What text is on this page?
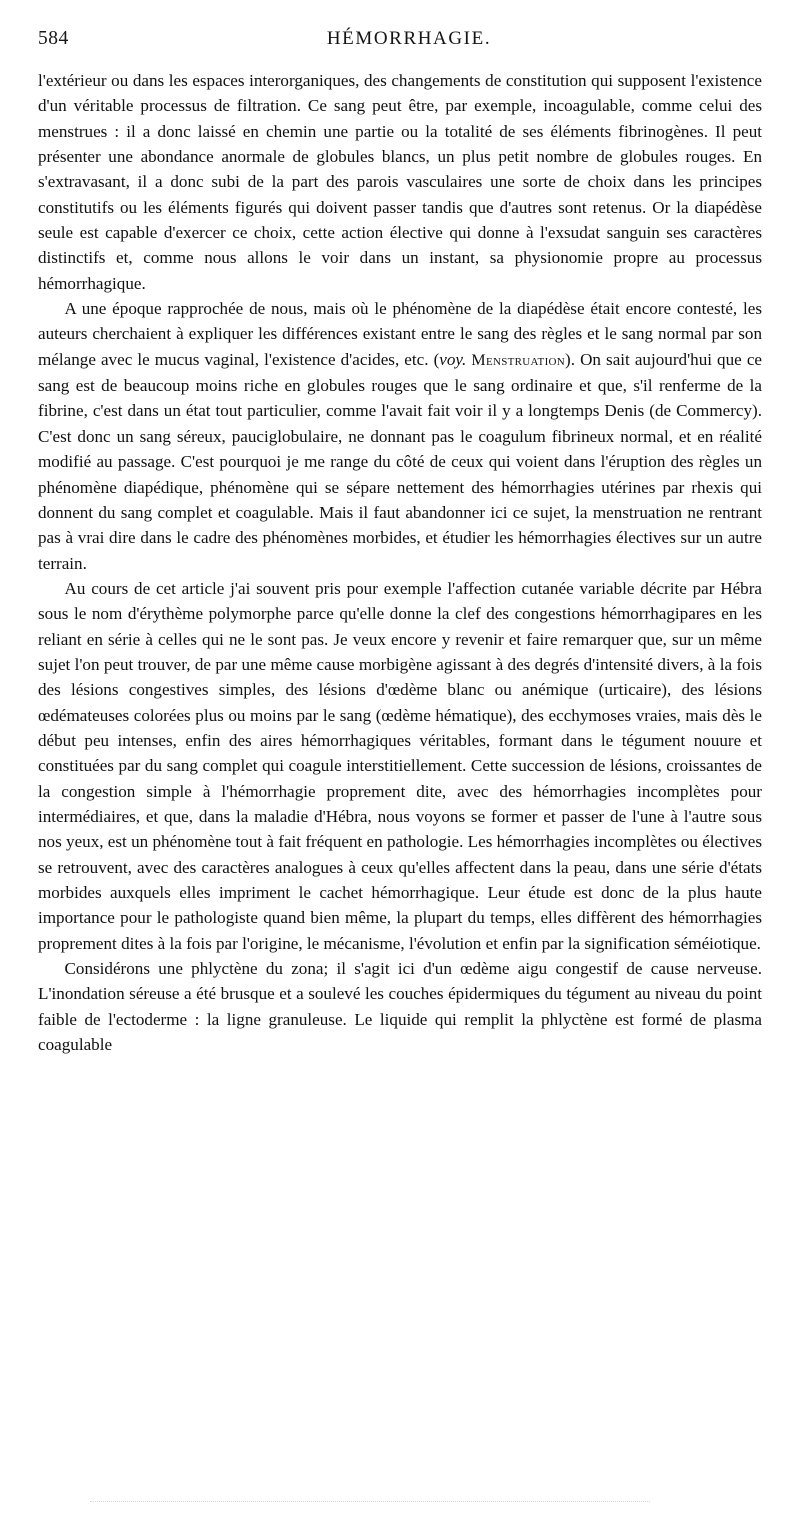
584	HÉMORRHAGIE.

l'extérieur ou dans les espaces interorganiques, des changements de constitution qui supposent l'existence d'un véritable processus de filtration. Ce sang peut être, par exemple, incoagulable, comme celui des menstrues : il a donc laissé en chemin une partie ou la totalité de ses éléments fibrinogènes. Il peut présenter une abondance anormale de globules blancs, un plus petit nombre de globules rouges. En s'extravasant, il a donc subi de la part des parois vasculaires une sorte de choix dans les principes constitutifs ou les éléments figurés qui doivent passer tandis que d'autres sont retenus. Or la diapédèse seule est capable d'exercer ce choix, cette action élective qui donne à l'exsudat sanguin ses caractères distinctifs et, comme nous allons le voir dans un instant, sa physionomie propre au processus hémorrhagique.

A une époque rapprochée de nous, mais où le phénomène de la diapédèse était encore contesté, les auteurs cherchaient à expliquer les différences existant entre le sang des règles et le sang normal par son mélange avec le mucus vaginal, l'existence d'acides, etc. (voy. Menstruation). On sait aujourd'hui que ce sang est de beaucoup moins riche en globules rouges que le sang ordinaire et que, s'il renferme de la fibrine, c'est dans un état tout particulier, comme l'avait fait voir il y a longtemps Denis (de Commercy). C'est donc un sang séreux, pauciglobulaire, ne donnant pas le coagulum fibrineux normal, et en réalité modifié au passage. C'est pourquoi je me range du côté de ceux qui voient dans l'éruption des règles un phénomène diapédique, phénomène qui se sépare nettement des hémorrhagies utérines par rhexis qui donnent du sang complet et coagulable. Mais il faut abandonner ici ce sujet, la menstruation ne rentrant pas à vrai dire dans le cadre des phénomènes morbides, et étudier les hémorrhagies électives sur un autre terrain.

Au cours de cet article j'ai souvent pris pour exemple l'affection cutanée variable décrite par Hébra sous le nom d'érythème polymorphe parce qu'elle donne la clef des congestions hémorrhagipares en les reliant en série à celles qui ne le sont pas. Je veux encore y revenir et faire remarquer que, sur un même sujet l'on peut trouver, de par une même cause morbigène agissant à des degrés d'intensité divers, à la fois des lésions congestives simples, des lésions d'œdème blanc ou anémique (urticaire), des lésions œdémateuses colorées plus ou moins par le sang (œdème hématique), des ecchymoses vraies, mais dès le début peu intenses, enfin des aires hémorrhagiques véritables, formant dans le tégument nouure et constituées par du sang complet qui coagule interstitiellement. Cette succession de lésions, croissantes de la congestion simple à l'hémorrhagie proprement dite, avec des hémorrhagies incomplètes pour intermédiaires, et que, dans la maladie d'Hébra, nous voyons se former et passer de l'une à l'autre sous nos yeux, est un phénomène tout à fait fréquent en pathologie. Les hémorrhagies incomplètes ou électives se retrouvent, avec des caractères analogues à ceux qu'elles affectent dans la peau, dans une série d'états morbides auxquels elles impriment le cachet hémorrhagique. Leur étude est donc de la plus haute importance pour le pathologiste quand bien même, la plupart du temps, elles diffèrent des hémorrhagies proprement dites à la fois par l'origine, le mécanisme, l'évolution et enfin par la signification séméiotique.

Considérons une phlyctène du zona; il s'agit ici d'un œdème aigu congestif de cause nerveuse. L'inondation séreuse a été brusque et a soulevé les couches épidermiques du tégument au niveau du point faible de l'ectoderme : la ligne granuleuse. Le liquide qui remplit la phlyctène est formé de plasma coagulable
